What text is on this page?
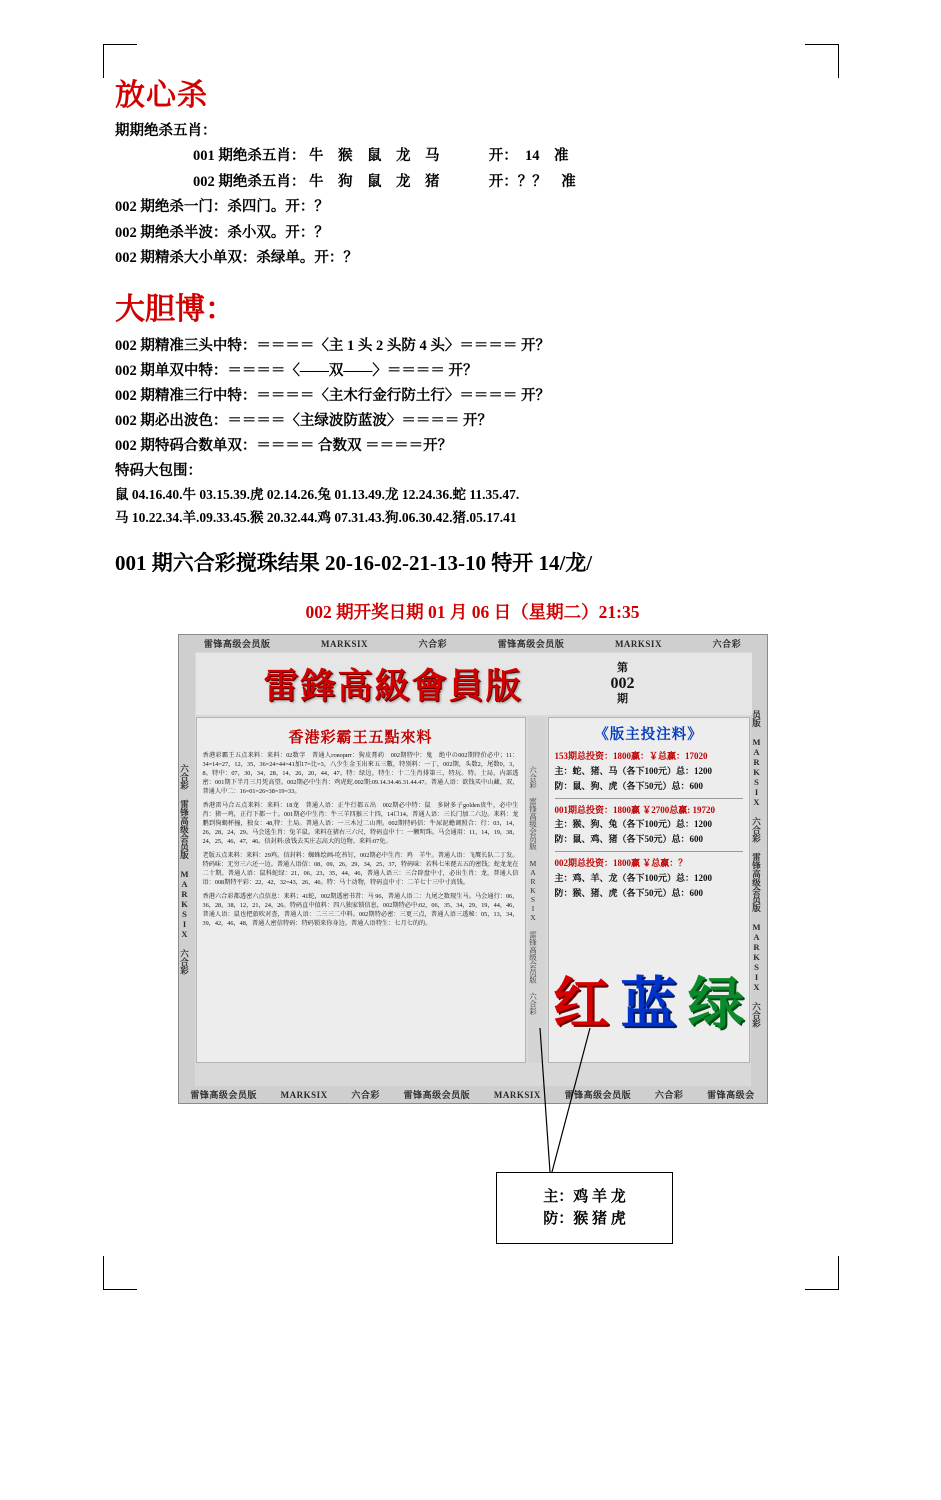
放心杀
期期绝杀五肖：
001 期绝杀五肖： 牛　猴　鼠　龙　马	开：　14　准
002 期绝杀五肖： 牛　狗　鼠　龙　猪	开：？？　准
002 期绝杀一门：杀四门。开：？
002 期绝杀半波：杀小双。开：？
002 期精杀大小单双：杀绿单。开：？
大胆博：
002 期精准三头中特：＝＝＝＝〈主 1 头 2 头防 4 头〉＝＝＝＝ 开？
002 期单双中特：＝＝＝＝〈——双——〉＝＝＝＝ 开？
002 期精准三行中特：＝＝＝＝〈主木行金行防土行〉＝＝＝＝ 开？
002 期必出波色：＝＝＝＝〈主绿波防蓝波〉＝＝＝＝ 开？
002 期特码合数单双：＝＝＝＝ 合数双 ＝＝＝＝开？
特码大包围：
鼠 04.16.40.牛 03.15.39.虎 02.14.26.兔 01.13.49.龙 12.24.36.蛇 11.35.47.
马 10.22.34.羊.09.33.45.猴 20.32.44.鸡 07.31.43.狗.06.30.42.猪.05.17.41
001 期六合彩搅珠结果 20-16-02-21-13-10 特开 14/龙/
002 期开奖日期 01 月 06 日（星期二）21:35
雷锋高级会员版	MARKSIX	六合彩	雷锋高级会员版	MARKSIX	六合彩
六合彩 雷锋高级会员版 MARKSIX 六合彩	员版 MARKSIX 六合彩 雷锋高级会员版 MARKSIX 六合彩
雷鋒高級會員版	第
002
期
香港彩霸王五點來料

香港彩霸王五点来料：来料：02数字　普通人говорит：狗皮膏药　002期特中：鬼　绝中の002期特价必中；11：34=14=27，12，35，36=24=44=41加17=比=3，八少生金玉出來五三數，特别料：一丁，002期，头数2，尾数0，3，8。特中：07，30，34，28，14，26，20，44，47。特：绿边，特生：十二生肖排第三，特玩。特。土局，内部透密：001期下半月三月凭高望。002期必中生肖：鸡虎蛇.002期:09.14.34.46.31.44.47。普通人语：欲钱买中山藏、双，普通人中二：16=01=26=38=19=33。

香港雷马合五点来料：来料：18龙　普通人语：正牛行都五出　002期必中特：鼠　多財多子golden贵牛，必中生肖：猪一鸡，正行下都一十。001期必中生肖：牛三羊四猴三十四，14口14。普通人语：三长门加二六边。来料：龙鹏到狗蝎杯撞，独女：48,特：土局。普通人语：一三木过二山理。002期特码信：牛尿泥蟾调照合：行：03，14，26，28，24，29。马会选生肖：兔羊鼠。来料在猪右三六尺，特码直中十：一颗明珠。马会通用：11，14，19，38，24，25，46，47，46。信封料:放钱去买庄志高大的边物。来料:07免。

老版五点来料：来料：29鸡。信封料：蜘蛛绘画-吃苔钉，002期必中生肖：鸡　羊牛。普通人语：飞鹰长队二丁发。特码味：无穷三六还一边。普通人语信：08，09，26，29，34，25，37，特码味：若科七米琵五五的密钱；蛇龙龙在二十期。普通人语：鼠科蛇绿：21，06，23，35，44，46，普通人语三：三合辟盘中寸，必出生肖：龙，普通人信语：008期特平彩：22，42，32=43，26，46。特：马十动物，特码直中寸：二羊七十三中寸真钱。

香港六合彩都透密六点信息：来料；41蛇，002期透密书昔：马 96，普通人语二：九尾之数现生马。马会通行：06，36，28，38，12，21，24，26。特码直中值料：四八独家锁信息，002期特必中:02，06，35，34，29，19，44，46，普通人语：鼠也把旅吹对查，普通人语：二三三二中料。002期特必密：三更三点，普通人语三透秘：05，13，34，39，42，46，48，普通人密信特码：特码锁来你身边。普通人语特生：七月七的的。	六合彩 雷锋高级会员版 MARKSIX 雷锋高级会员版 六合彩
《版主投注料》
153期总投资：1800赢：￥总赢：17020
主：蛇、猪、马（各下100元）总：1200
防：鼠、狗、虎（各下50元）总：600
001期总投资：1800赢 ￥2700总赢: 19720
主：猴、狗、兔（各下100元）总：1200
防：鼠、鸡、猪（各下50元）总：600
002期总投资：1800赢 ￥总赢：？
主：鸡、羊、龙（各下100元）总：1200
防：猴、猪、虎（各下50元）总：600
红 蓝 绿
雷锋高级会员版	MARKSIX	六合彩	雷锋高级会员版	MARKSIX	雷锋高级会员版	六合彩	雷锋高级会
主：鸡 羊 龙
防：猴 猪 虎
